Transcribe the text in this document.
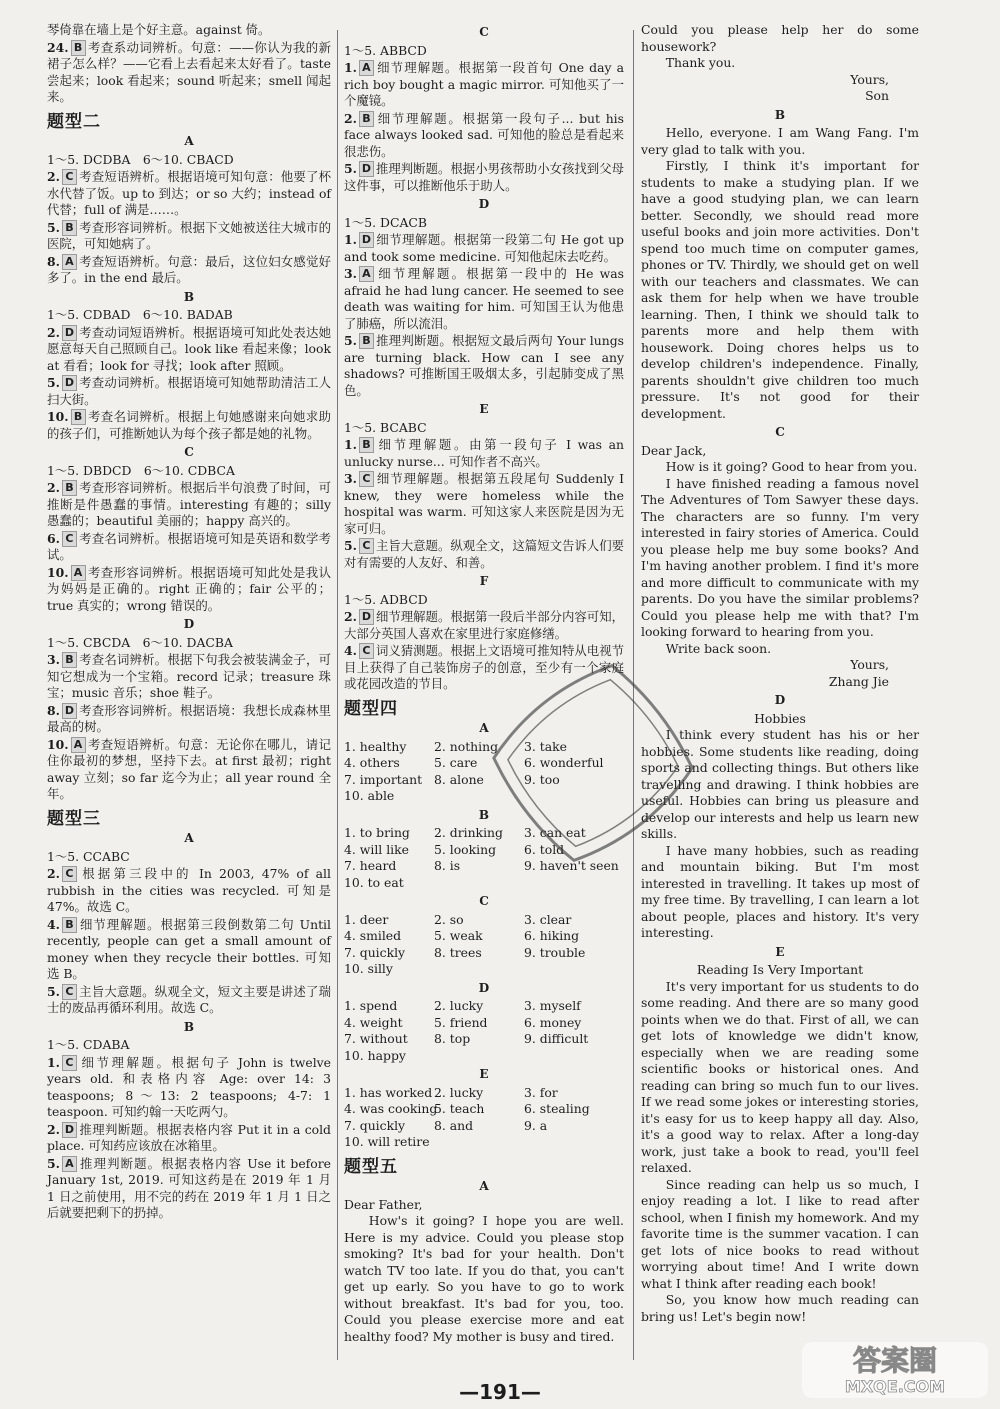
琴倚靠在墙上是个好主意。against 倚。
24. B 考查系动词辨析。句意：——你认为我的新裙子怎么样？——它看上去看起来太好看了。taste 尝起来；look 看起来；sound 听起来；smell 闻起来。
题型二
A
1～5. DCDBA　6～10. CBACD
2. C 考查短语辨析。根据语境可知句意：他要了杯水代替了饭。up to 到达；or so 大约；instead of 代替；full of 满是……。
5. B 考查形容词辨析。根据下文她被送往大城市的医院，可知她病了。
8. A 考查短语辨析。句意：最后，这位妇女感觉好多了。in the end 最后。
B
1～5. CDBAD　6～10. BADAB
2. D 考查动词短语辨析。根据语境可知此处表达她愿意每天自己照顾自己。look like 看起来像；look at 看看；look for 寻找；look after 照顾。
5. D 考查动词辨析。根据语境可知她帮助清洁工人扫大街。
10. B 考查名词辨析。根据上句她感谢来向她求助的孩子们，可推断她认为每个孩子都是她的礼物。
C
1～5. DBDCD　6～10. CDBCA
2. B 考查形容词辨析。根据后半句浪费了时间，可推断是件愚蠢的事情。interesting 有趣的；silly 愚蠢的；beautiful 美丽的；happy 高兴的。
6. C 考查名词辨析。根据语境可知是英语和数学考试。
10. A 考查形容词辨析。根据语境可知此处是我认为妈妈是正确的。right 正确的；fair 公平的；true 真实的；wrong 错误的。
D
1～5. CBCDA　6～10. DACBA
3. B 考查名词辨析。根据下句我会被装满金子，可知它想成为一个宝箱。record 记录；treasure 珠宝；music 音乐；shoe 鞋子。
8. D 考查形容词辨析。根据语境：我想长成森林里最高的树。
10. A 考查短语辨析。句意：无论你在哪儿，请记住你最初的梦想，坚持下去。at first 最初；right away 立刻；so far 迄今为止；all year round 全年。
题型三
A
1～5. CCABC
2. C 根据第三段中的 In 2003, 47% of all rubbish in the cities was recycled. 可知是 47%。故选 C。
4. B 细节理解题。根据第三段倒数第二句 Until recently, people can get a small amount of money when they recycle their bottles. 可知选 B。
5. C 主旨大意题。纵观全文，短文主要是讲述了瑞士的废品再循环利用。故选 C。
B
1～5. CDABA
1. C 细节理解题。根据句子 John is twelve years old. 和表格内容 Age: over 14: 3 teaspoons; 8～13: 2 teaspoons; 4-7: 1 teaspoon. 可知约翰一天吃两勺。
2. D 推理判断题。根据表格内容 Put it in a cold place. 可知药应该放在冰箱里。
5. A 推理判断题。根据表格内容 Use it before January 1st, 2019. 可知这药是在 2019 年 1 月 1 日之前使用，用不完的药在 2019 年 1 月 1 日之后就要把剩下的扔掉。
C
1～5. ABBCD
1. A 细节理解题。根据第一段首句 One day a rich boy bought a magic mirror. 可知他买了一个魔镜。
2. B 细节理解题。根据第一段句子... but his face always looked sad. 可知他的脸总是看起来很悲伤。
5. D 推理判断题。根据小男孩帮助小女孩找到父母这件事，可以推断他乐于助人。
D
1～5. DCACB
1. D 细节理解题。根据第一段第二句 He got up and took some medicine. 可知他起床去吃药。
3. A 细节理解题。根据第一段中的 He was afraid he had lung cancer. He seemed to see death was waiting for him. 可知国王认为他患了肺癌，所以流泪。
5. B 推理判断题。根据短文最后两句 Your lungs are turning black. How can I see any shadows? 可推断国王吸烟太多，引起肺变成了黑色。
E
1～5. BCABC
1. B 细节理解题。由第一段句子 I was an unlucky nurse... 可知作者不高兴。
3. C 细节理解题。根据第五段尾句 Suddenly I knew, they were homeless while the hospital was warm. 可知这家人来医院是因为无家可归。
5. C 主旨大意题。纵观全文，这篇短文告诉人们要对有需要的人友好、和善。
F
1～5. ADBCD
2. D 细节理解题。根据第一段后半部分内容可知，大部分英国人喜欢在家里进行家庭修缮。
4. C 词义猜测题。根据上文语境可推知特从电视节目上获得了自己装饰房子的创意，至少有一个家庭或花园改造的节目。
题型四
A
1. healthy 2. nothing 3. take
4. others	5. care	6. wonderful
7. important 8. alone	9. too
10. able
B
1. to bring 2. drinking 3. can eat
4. will like 5. looking 6. told
7. heard	8. is	9. haven't seen
10. to eat
C
1. deer	2. so	3. clear
4. smiled	5. weak	6. hiking
7. quickly 8. trees	9. trouble
10. silly
D
1. spend	2. lucky	3. myself
4. weight	5. friend	6. money
7. without 8. top	9. difficult
10. happy
E
1. has worked 2. lucky	3. for
4. was cooking5. teach	6. stealing
7. quickly 8. and	9. a
10. will retire
题型五
A
Dear Father,
How's it going? I hope you are well. Here is my advice. Could you please stop smoking? It's bad for your health. Don't watch TV too late. If you do that, you can't get up early. So you have to go to work without breakfast. It's bad for you, too. Could you please exercise more and eat healthy food? My mother is busy and tired.
Could you please help her do some housework?
Thank you.
Yours,
Son
B
Hello, everyone. I am Wang Fang. I'm very glad to talk with you.
Firstly, I think it's important for students to make a studying plan. If we have a good studying plan, we can learn better. Secondly, we should read more useful books and join more activities. Don't spend too much time on computer games, phones or TV. Thirdly, we should get on well with our teachers and classmates. We can ask them for help when we have trouble learning. Then, I think we should talk to parents more and help them with housework. Doing chores helps us to develop children's independence. Finally, parents shouldn't give children too much pressure. It's not good for their development.
C
Dear Jack,
How is it going? Good to hear from you.
I have finished reading a famous novel The Adventures of Tom Sawyer these days. The characters are so funny. I'm very interested in fairy stories of America. Could you please help me buy some books? And I'm having another problem. I find it's more and more difficult to communicate with my parents. Do you have the similar problems? Could you please help me with that? I'm looking forward to hearing from you.
Write back soon.
Yours,
Zhang Jie
D
Hobbies
I think every student has his or her hobbies. Some students like reading, doing sports and collecting things. But others like travelling and drawing. I think hobbies are useful. Hobbies can bring us pleasure and develop our interests and help us learn new skills.
I have many hobbies, such as reading and mountain biking. But I'm most interested in travelling. It takes up most of my free time. By travelling, I can learn a lot about people, places and history. It's very interesting.
E
Reading Is Very Important
It's very important for us students to do some reading. And there are so many good points when we do that. First of all, we can get lots of knowledge we didn't know, especially when we are reading some scientific books or historical ones. And reading can bring so much fun to our lives. If we read some jokes or interesting stories, it's easy for us to keep happy all day. Also, it's a good way to relax. After a long-day work, just take a book to read, you'll feel relaxed.
Since reading can help us so much, I enjoy reading a lot. I like to read after school, when I finish my homework. And my favorite time is the summer vacation. I can get lots of nice books to read without worrying about time! And I write down what I think after reading each book!
So, you know how much reading can bring us! Let's begin now!
—191—
答案圈
MXQE.COM
